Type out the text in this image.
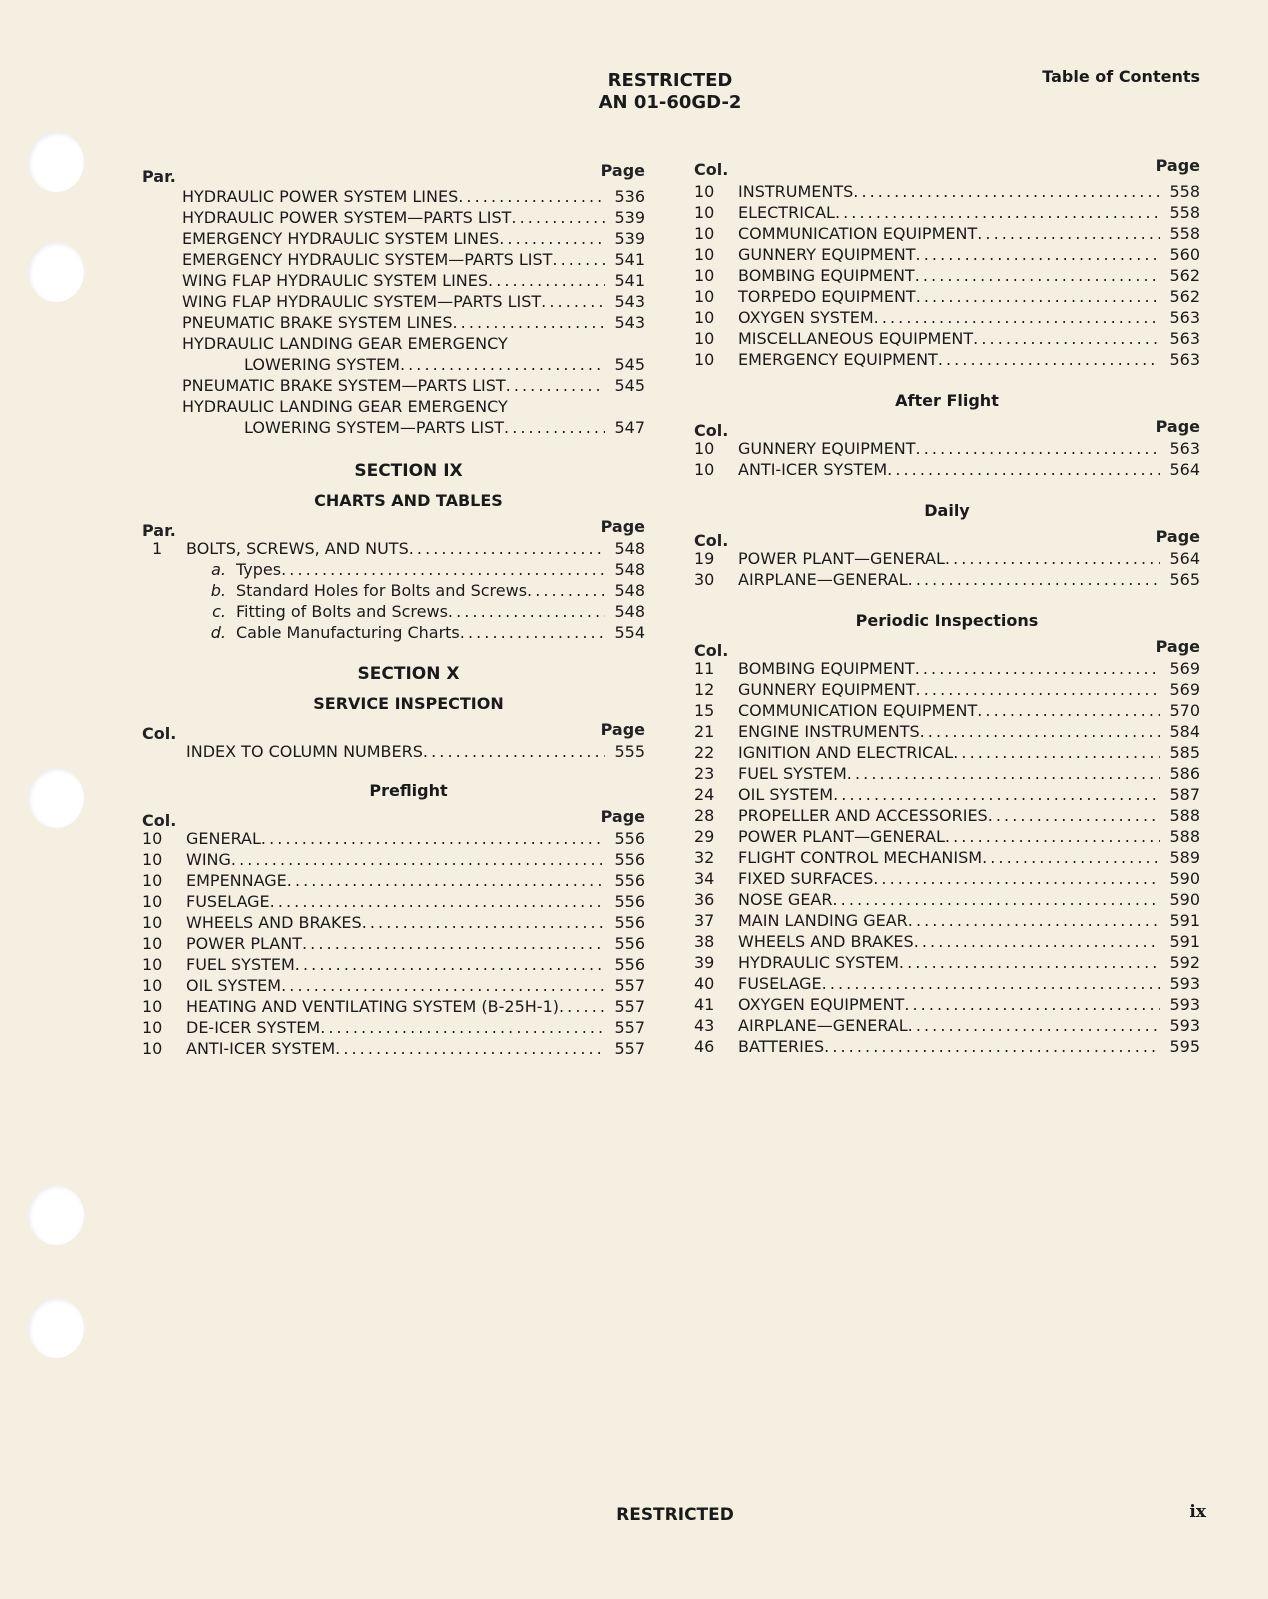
RESTRICTED
AN 01-60GD-2
Table of Contents
Par.	Page
HYDRAULIC POWER SYSTEM LINES . . .	536
HYDRAULIC POWER SYSTEM—PARTS LIST . . .	539
EMERGENCY HYDRAULIC SYSTEM LINES . . .	539
EMERGENCY HYDRAULIC SYSTEM—PARTS LIST . . .	541
WING FLAP HYDRAULIC SYSTEM LINES . . .	541
WING FLAP HYDRAULIC SYSTEM—PARTS LIST . . .	543
PNEUMATIC BRAKE SYSTEM LINES . . .	543
HYDRAULIC LANDING GEAR EMERGENCY
LOWERING SYSTEM . . .	545
PNEUMATIC BRAKE SYSTEM—PARTS LIST . . .	545
HYDRAULIC LANDING GEAR EMERGENCY
LOWERING SYSTEM—PARTS LIST . . .	547
SECTION IX
CHARTS AND TABLES
Par.	Page
1	BOLTS, SCREWS, AND NUTS . . .	548
a. Types . . .	548
b. Standard Holes for Bolts and Screws . . .	548
c. Fitting of Bolts and Screws . . .	548
d. Cable Manufacturing Charts . . .	554
SECTION X
SERVICE INSPECTION
Col.	Page
INDEX TO COLUMN NUMBERS . . .	555
Preflight
Col.	Page
10	GENERAL . . .	556
10	WING . . .	556
10	EMPENNAGE . . .	556
10	FUSELAGE . . .	556
10	WHEELS AND BRAKES . . .	556
10	POWER PLANT . . .	556
10	FUEL SYSTEM . . .	556
10	OIL SYSTEM . . .	557
10	HEATING AND VENTILATING SYSTEM (B-25H-1) . . .	557
10	DE-ICER SYSTEM . . .	557
10	ANTI-ICER SYSTEM . . .	557
Col.	Page
10	INSTRUMENTS . . .	558
10	ELECTRICAL . . .	558
10	COMMUNICATION EQUIPMENT . . .	558
10	GUNNERY EQUIPMENT . . .	560
10	BOMBING EQUIPMENT . . .	562
10	TORPEDO EQUIPMENT . . .	562
10	OXYGEN SYSTEM . . .	563
10	MISCELLANEOUS EQUIPMENT . . .	563
10	EMERGENCY EQUIPMENT . . .	563
After Flight
Col.	Page
10	GUNNERY EQUIPMENT . . .	563
10	ANTI-ICER SYSTEM . . .	564
Daily
Col.	Page
19	POWER PLANT—GENERAL . . .	564
30	AIRPLANE—GENERAL . . .	565
Periodic Inspections
Col.	Page
11	BOMBING EQUIPMENT . . .	569
12	GUNNERY EQUIPMENT . . .	569
15	COMMUNICATION EQUIPMENT . . .	570
21	ENGINE INSTRUMENTS . . .	584
22	IGNITION AND ELECTRICAL . . .	585
23	FUEL SYSTEM . . .	586
24	OIL SYSTEM . . .	587
28	PROPELLER AND ACCESSORIES . . .	588
29	POWER PLANT—GENERAL . . .	588
32	FLIGHT CONTROL MECHANISM . . .	589
34	FIXED SURFACES . . .	590
36	NOSE GEAR . . .	590
37	MAIN LANDING GEAR . . .	591
38	WHEELS AND BRAKES . . .	591
39	HYDRAULIC SYSTEM . . .	592
40	FUSELAGE . . .	593
41	OXYGEN EQUIPMENT . . .	593
43	AIRPLANE—GENERAL . . .	593
46	BATTERIES . . .	595
RESTRICTED	ix
